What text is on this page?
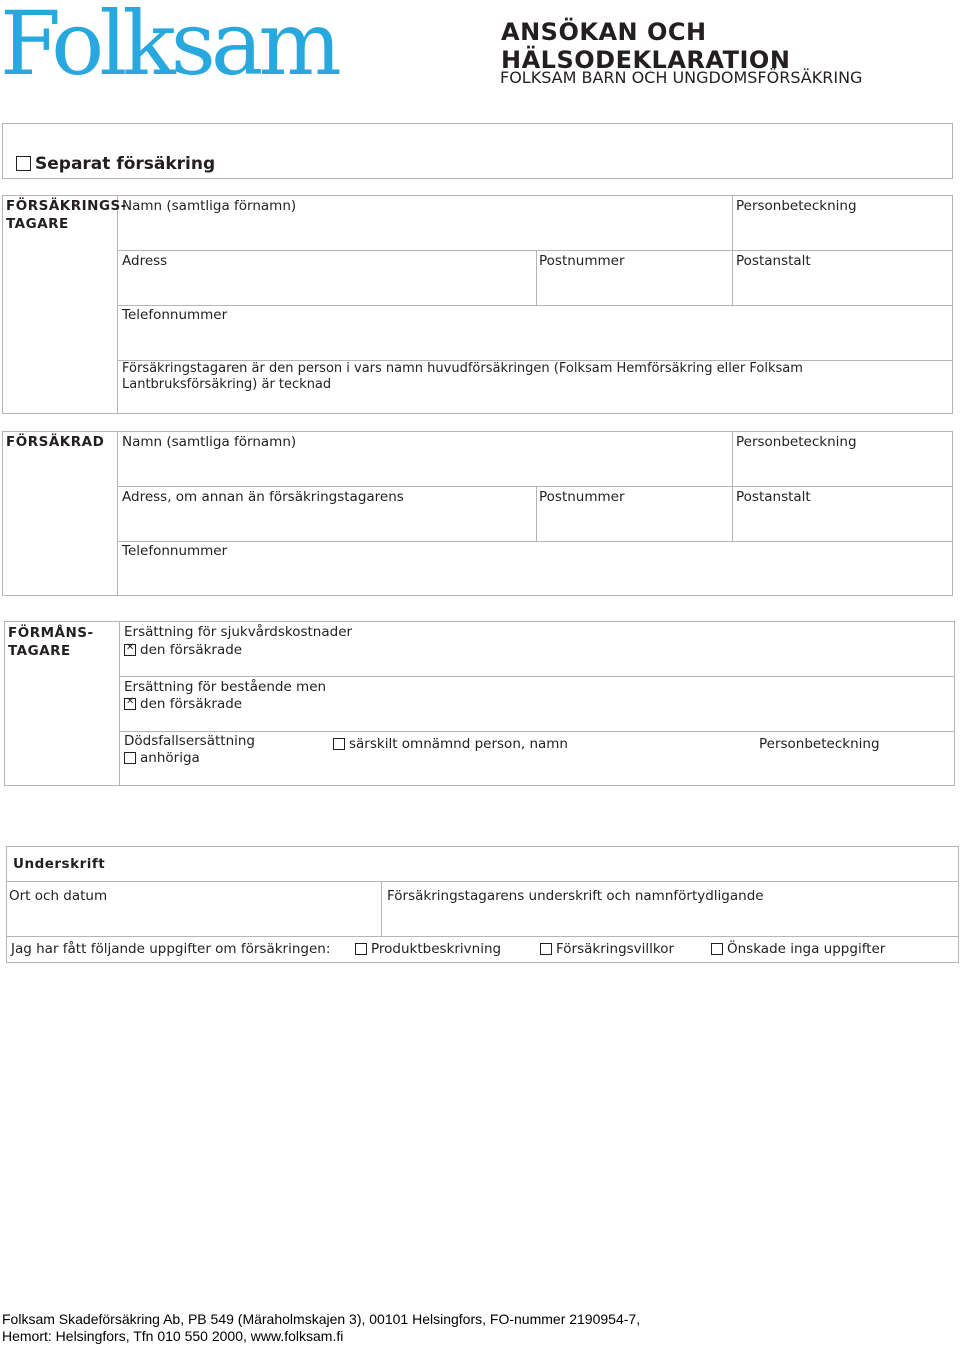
Folksam	ANSÖKAN OCH HÄLSODEKLARATION
FOLKSAM BARN OCH UNGDOMSFÖRSÄKRING
Separat försäkring
FÖRSÄKRINGS-
TAGARE
Namn (samtliga förnamn)	Personbeteckning
Adress	Postnummer	Postanstalt
Telefonnummer
Försäkringstagaren är den person i vars namn huvudförsäkringen (Folksam Hemförsäkring eller Folksam Lantbruksförsäkring) är tecknad
FÖRSÄKRAD Namn (samtliga förnamn)	Personbeteckning
Adress, om annan än försäkringstagarens	Postnummer	Postanstalt
Telefonnummer
FÖRMÅNS-
TAGARE
Ersättning för sjukvårdskostnader
✕den försäkrade
Ersättning för bestående men
✕den försäkrade
Dödsfallsersättning
anhöriga
särskilt omnämnd person, namn	Personbeteckning
Underskrift
Ort och datum	Försäkringstagarens underskrift och namnförtydligande
Jag har fått följande uppgifter om försäkringen:	Produktbeskrivning	Försäkringsvillkor	Önskade inga uppgifter
Folksam Skadeförsäkring Ab, PB 549 (Märaholmskajen 3), 00101 Helsingfors, FO-nummer 2190954-7,
Hemort: Helsingfors, Tfn 010 550 2000, www.folksam.fi
